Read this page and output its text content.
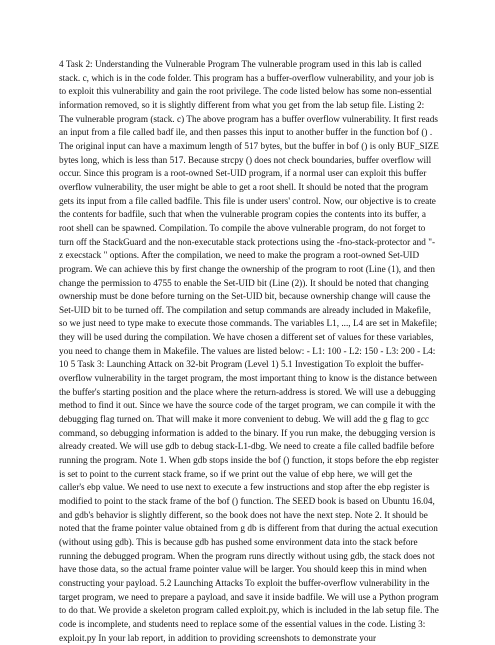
4 Task 2: Understanding the Vulnerable Program The vulnerable program used in this lab is called stack. c, which is in the code folder. This program has a buffer-overflow vulnerability, and your job is to exploit this vulnerability and gain the root privilege. The code listed below has some non-essential information removed, so it is slightly different from what you get from the lab setup file. Listing 2: The vulnerable program (stack. c) The above program has a buffer overflow vulnerability. It first reads an input from a file called badf ile, and then passes this input to another buffer in the function bof () . The original input can have a maximum length of 517 bytes, but the buffer in bof () is only BUF_SIZE bytes long, which is less than 517. Because strcpy () does not check boundaries, buffer overflow will occur. Since this program is a root-owned Set-UID program, if a normal user can exploit this buffer overflow vulnerability, the user might be able to get a root shell. It should be noted that the program gets its input from a file called badfile. This file is under users' control. Now, our objective is to create the contents for badfile, such that when the vulnerable program copies the contents into its buffer, a root shell can be spawned. Compilation. To compile the above vulnerable program, do not forget to turn off the StackGuard and the non-executable stack protections using the -fno-stack-protector and "-z execstack " options. After the compilation, we need to make the program a root-owned Set-UID program. We can achieve this by first change the ownership of the program to root (Line (1), and then change the permission to 4755 to enable the Set-UID bit (Line (2)). It should be noted that changing ownership must be done before turning on the Set-UID bit, because ownership change will cause the Set-UID bit to be turned off. The compilation and setup commands are already included in Makefile, so we just need to type make to execute those commands. The variables L1, ..., L4 are set in Makefile; they will be used during the compilation. We have chosen a different set of values for these variables, you need to change them in Makefile. The values are listed below: - L1: 100 - L2: 150 - L3: 200 - L4: 10 5 Task 3: Launching Attack on 32-bit Program (Level 1) 5.1 Investigation To exploit the buffer-overflow vulnerability in the target program, the most important thing to know is the distance between the buffer's starting position and the place where the return-address is stored. We will use a debugging method to find it out. Since we have the source code of the target program, we can compile it with the debugging flag turned on. That will make it more convenient to debug. We will add the g flag to gcc command, so debugging information is added to the binary. If you run make, the debugging version is already created. We will use gdb to debug stack-L1-dbg. We need to create a file called badfile before running the program. Note 1. When gdb stops inside the bof () function, it stops before the ebp register is set to point to the current stack frame, so if we print out the value of ebp here, we will get the caller's ebp value. We need to use next to execute a few instructions and stop after the ebp register is modified to point to the stack frame of the bof () function. The SEED book is based on Ubuntu 16.04, and gdb's behavior is slightly different, so the book does not have the next step. Note 2. It should be noted that the frame pointer value obtained from g db is different from that during the actual execution (without using gdb). This is because gdb has pushed some environment data into the stack before running the debugged program. When the program runs directly without using gdb, the stack does not have those data, so the actual frame pointer value will be larger. You should keep this in mind when constructing your payload. 5.2 Launching Attacks To exploit the buffer-overflow vulnerability in the target program, we need to prepare a payload, and save it inside badfile. We will use a Python program to do that. We provide a skeleton program called exploit.py, which is included in the lab setup file. The code is incomplete, and students need to replace some of the essential values in the code. Listing 3: exploit.py In your lab report, in addition to providing screenshots to demonstrate your
